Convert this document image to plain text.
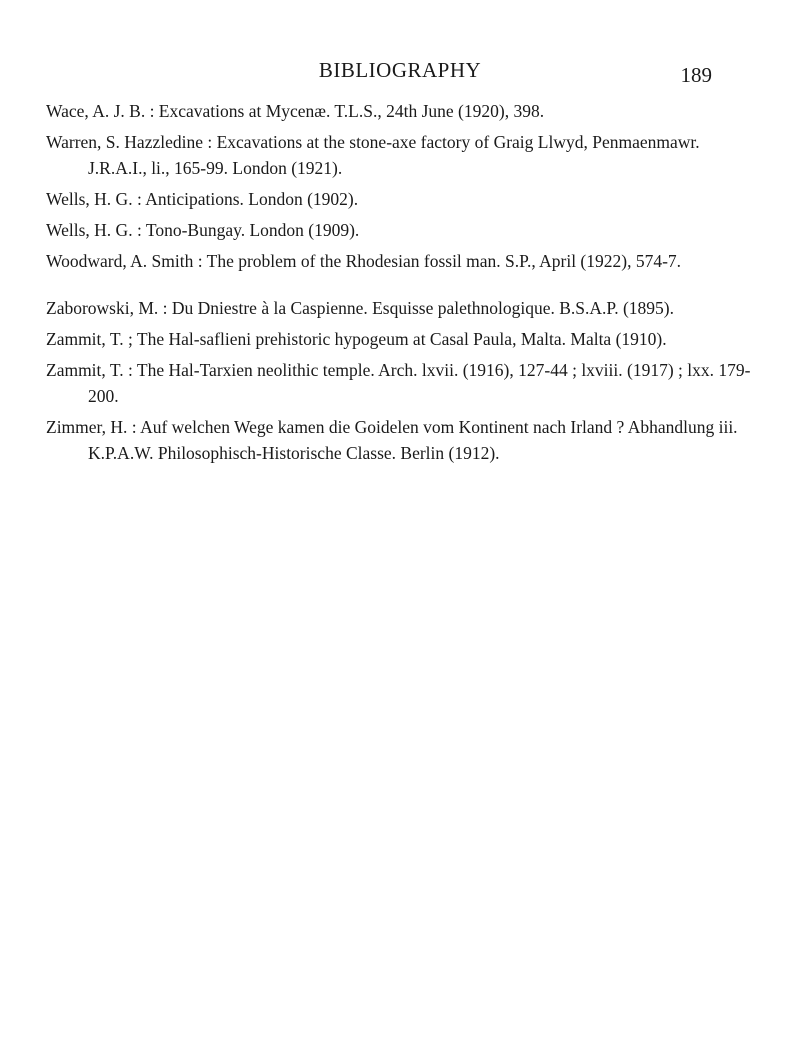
BIBLIOGRAPHY	189
Wace, A. J. B. : Excavations at Mycenæ. T.L.S., 24th June (1920), 398.
Warren, S. Hazzledine : Excavations at the stone-axe factory of Graig Llwyd, Penmaenmawr. J.R.A.I., li., 165-99. London (1921).
Wells, H. G. : Anticipations. London (1902).
Wells, H. G. : Tono-Bungay. London (1909).
Woodward, A. Smith : The problem of the Rhodesian fossil man. S.P., April (1922), 574-7.
Zaborowski, M. : Du Dniestre à la Caspienne. Esquisse palethnologique. B.S.A.P. (1895).
Zammit, T. ; The Hal-saflieni prehistoric hypogeum at Casal Paula, Malta. Malta (1910).
Zammit, T. : The Hal-Tarxien neolithic temple. Arch. lxvii. (1916), 127-44 ; lxviii. (1917) ; lxx. 179-200.
Zimmer, H. : Auf welchen Wege kamen die Goidelen vom Kontinent nach Irland ? Abhandlung iii. K.P.A.W. Philosophisch-Historische Classe. Berlin (1912).
